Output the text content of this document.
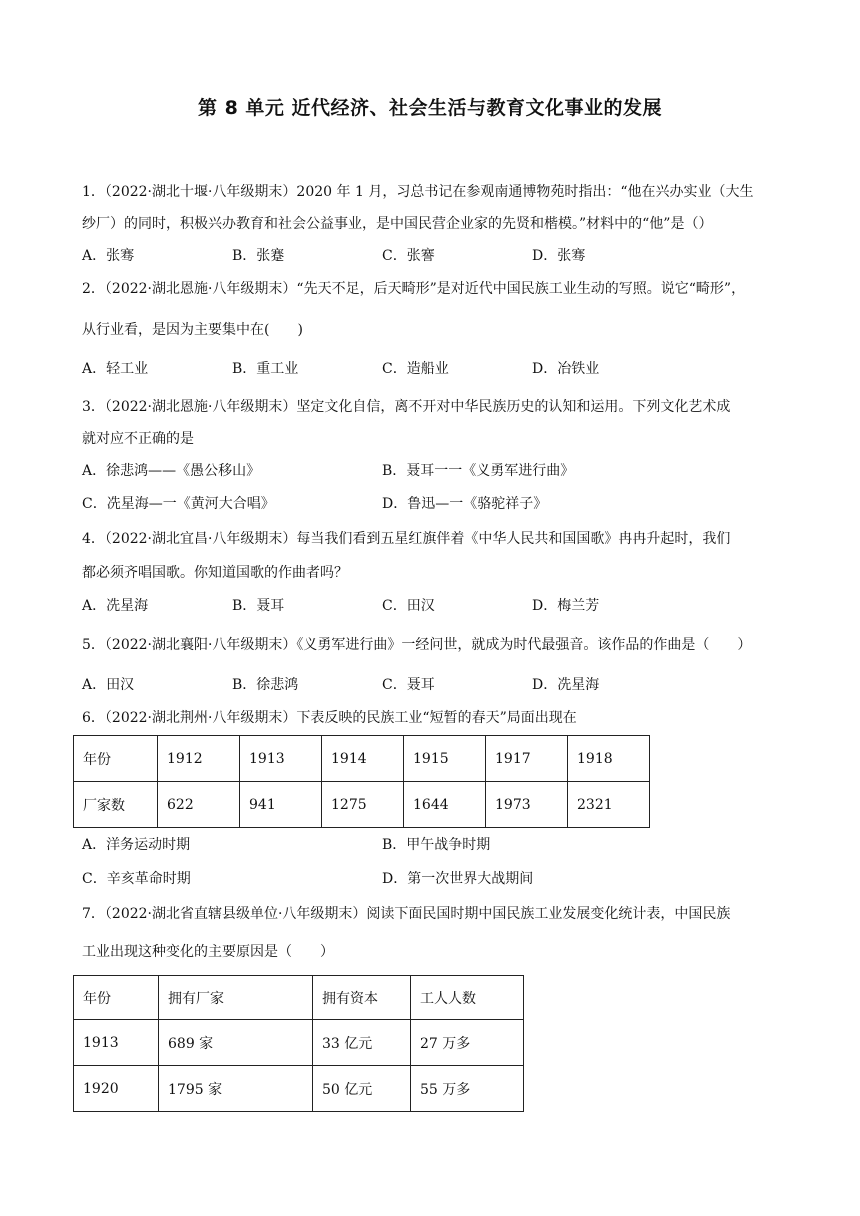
第 8 单元 近代经济、社会生活与教育文化事业的发展
1．（2022·湖北十堰·八年级期末）2020 年 1 月，习总书记在参观南通博物苑时指出：“他在兴办实业（大生
纱厂）的同时，积极兴办教育和社会公益事业，是中国民营企业家的先贤和楷模。”材料中的“他”是（）
A．张骞	B．张蹇	C．张謇	D．张骞
2．（2022·湖北恩施·八年级期末）“先天不足，后天畸形”是对近代中国民族工业生动的写照。说它“畸形”，
从行业看，是因为主要集中在(　　)
A．轻工业	B．重工业	C．造船业	D．冶铁业
3．（2022·湖北恩施·八年级期末）坚定文化自信，离不开对中华民族历史的认知和运用。下列文化艺术成
就对应不正确的是
A．徐悲鸿——《愚公移山》	B．聂耳一一《义勇军进行曲》
C．冼星海—一《黄河大合唱》	D．鲁迅—一《骆驼祥子》
4．（2022·湖北宜昌·八年级期末）每当我们看到五星红旗伴着《中华人民共和国国歌》冉冉升起时，我们
都必须齐唱国歌。你知道国歌的作曲者吗？
A．冼星海	B．聂耳	C．田汉	D．梅兰芳
5．（2022·湖北襄阳·八年级期末）《义勇军进行曲》一经问世，就成为时代最强音。该作品的作曲是（　　）
A．田汉	B．徐悲鸿	C．聂耳	D．冼星海
6．（2022·湖北荆州·八年级期末）下表反映的民族工业“短暂的春天”局面出现在
年份	1912	1913	1914	1915	1917	1918
厂家数	622	941	1275	1644	1973	2321
A．洋务运动时期	B．甲午战争时期
C．辛亥革命时期	D．第一次世界大战期间
7．（2022·湖北省直辖县级单位·八年级期末）阅读下面民国时期中国民族工业发展变化统计表，中国民族
工业出现这种变化的主要原因是（　　）
年份	拥有厂家	拥有资本	工人人数
1913	689 家	33 亿元	27 万多
1920	1795 家	50 亿元	55 万多
